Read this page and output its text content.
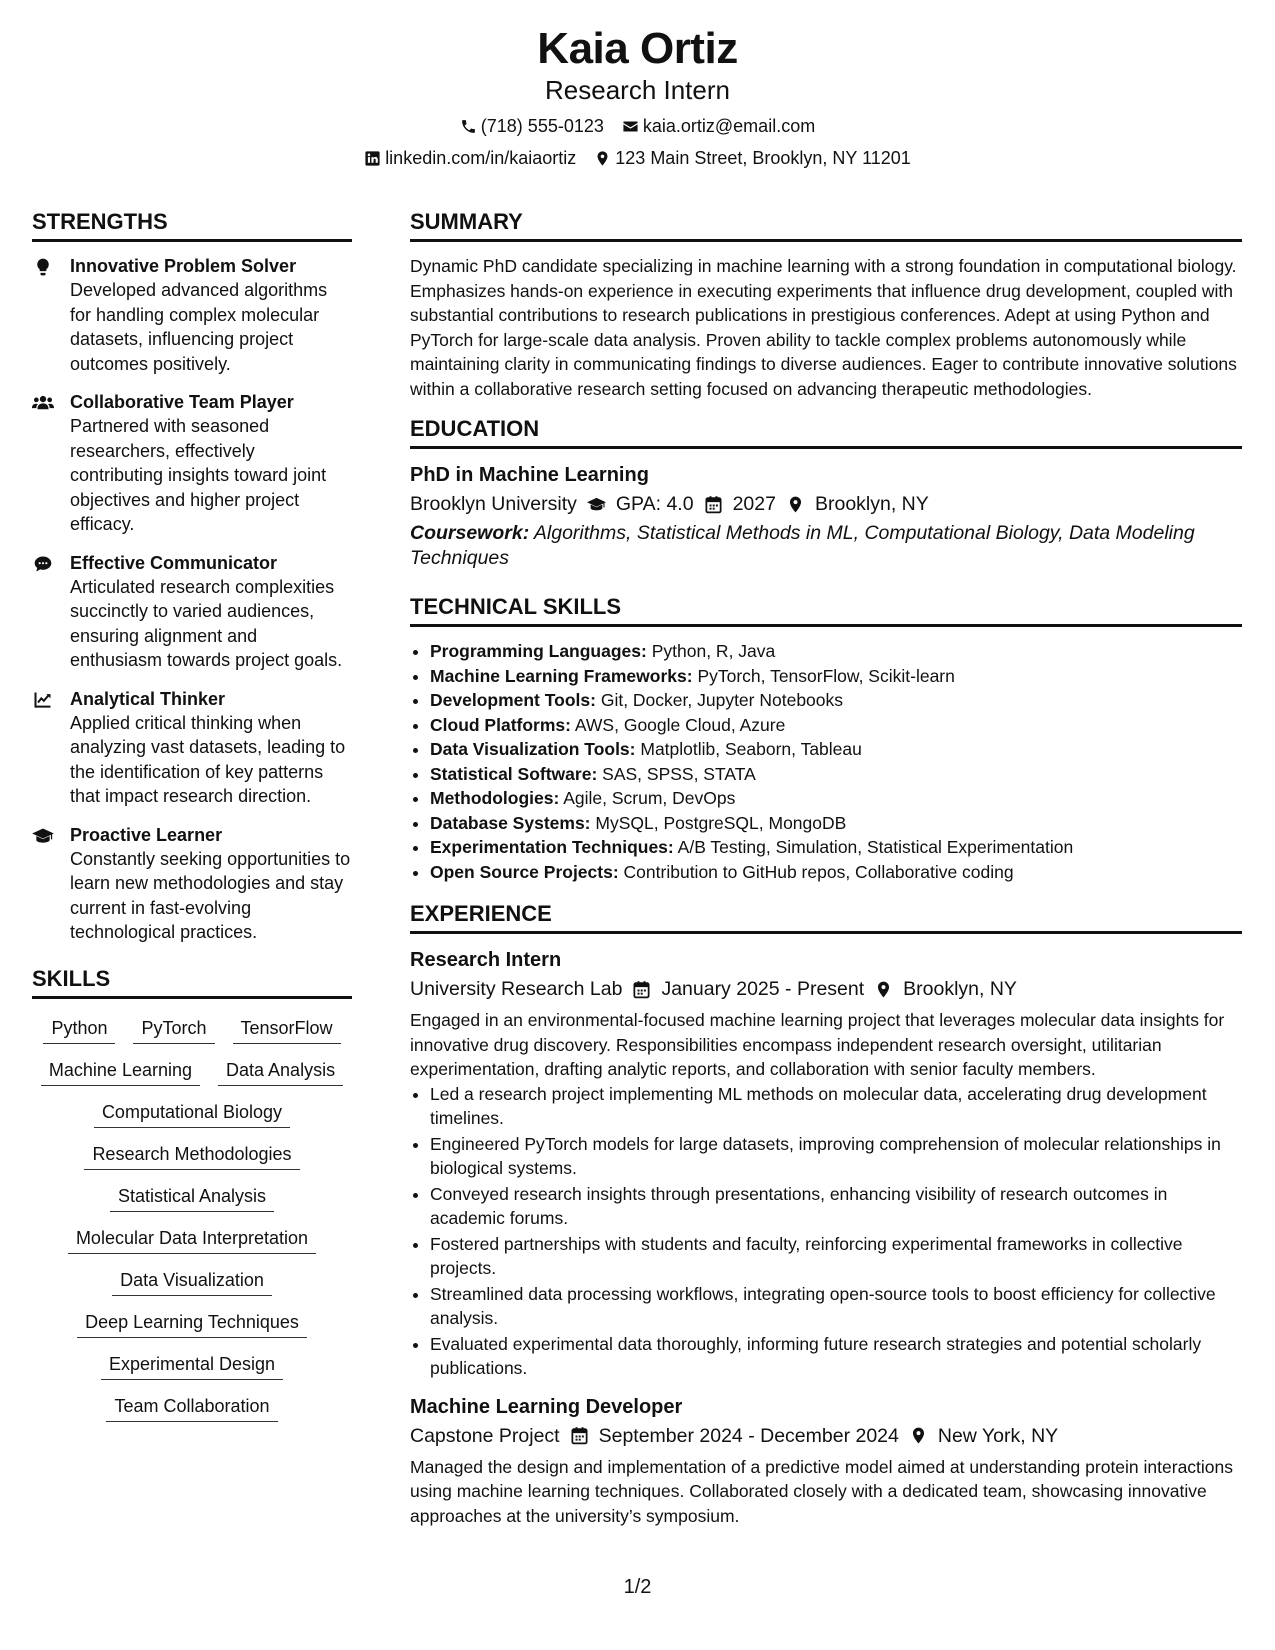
Kaia Ortiz
Research Intern
(718) 555-0123 kaia.ortiz@email.com
linkedin.com/in/kaiaortiz 123 Main Street, Brooklyn, NY 11201
STRENGTHS
Innovative Problem Solver
Developed advanced algorithms for handling complex molecular datasets, influencing project outcomes positively.
Collaborative Team Player
Partnered with seasoned researchers, effectively contributing insights toward joint objectives and higher project efficacy.
Effective Communicator
Articulated research complexities succinctly to varied audiences, ensuring alignment and enthusiasm towards project goals.
Analytical Thinker
Applied critical thinking when analyzing vast datasets, leading to the identification of key patterns that impact research direction.
Proactive Learner
Constantly seeking opportunities to learn new methodologies and stay current in fast-evolving technological practices.
SKILLS
Python	PyTorch	TensorFlow
Machine Learning	Data Analysis
Computational Biology
Research Methodologies
Statistical Analysis
Molecular Data Interpretation
Data Visualization
Deep Learning Techniques
Experimental Design
Team Collaboration
SUMMARY

Dynamic PhD candidate specializing in machine learning with a strong foundation in computational biology. Emphasizes hands-on experience in executing experiments that influence drug development, coupled with substantial contributions to research publications in prestigious conferences. Adept at using Python and PyTorch for large-scale data analysis. Proven ability to tackle complex problems autonomously while maintaining clarity in communicating findings to diverse audiences. Eager to contribute innovative solutions within a collaborative research setting focused on advancing therapeutic methodologies.

EDUCATION
PhD in Machine Learning
Brooklyn University GPA: 4.0 2027 Brooklyn, NY
Coursework: Algorithms, Statistical Methods in ML, Computational Biology, Data Modeling Techniques
TECHNICAL SKILLS
• Programming Languages: Python, R, Java
• Machine Learning Frameworks: PyTorch, TensorFlow, Scikit-learn
• Development Tools: Git, Docker, Jupyter Notebooks
• Cloud Platforms: AWS, Google Cloud, Azure
• Data Visualization Tools: Matplotlib, Seaborn, Tableau
• Statistical Software: SAS, SPSS, STATA
• Methodologies: Agile, Scrum, DevOps
• Database Systems: MySQL, PostgreSQL, MongoDB
• Experimentation Techniques: A/B Testing, Simulation, Statistical Experimentation
• Open Source Projects: Contribution to GitHub repos, Collaborative coding
EXPERIENCE
Research Intern
University Research Lab January 2025 - Present Brooklyn, NY

Engaged in an environmental-focused machine learning project that leverages molecular data insights for innovative drug discovery. Responsibilities encompass independent research oversight, utilitarian experimentation, drafting analytic reports, and collaboration with senior faculty members.

• Led a research project implementing ML methods on molecular data, accelerating drug development timelines.
• Engineered PyTorch models for large datasets, improving comprehension of molecular relationships in biological systems.
• Conveyed research insights through presentations, enhancing visibility of research outcomes in academic forums.
• Fostered partnerships with students and faculty, reinforcing experimental frameworks in collective projects.
• Streamlined data processing workflows, integrating open-source tools to boost efficiency for collective analysis.
• Evaluated experimental data thoroughly, informing future research strategies and potential scholarly publications.
Machine Learning Developer
Capstone Project September 2024 - December 2024 New York, NY

Managed the design and implementation of a predictive model aimed at understanding protein interactions using machine learning techniques. Collaborated closely with a dedicated team, showcasing innovative approaches at the university’s symposium.

1/2
